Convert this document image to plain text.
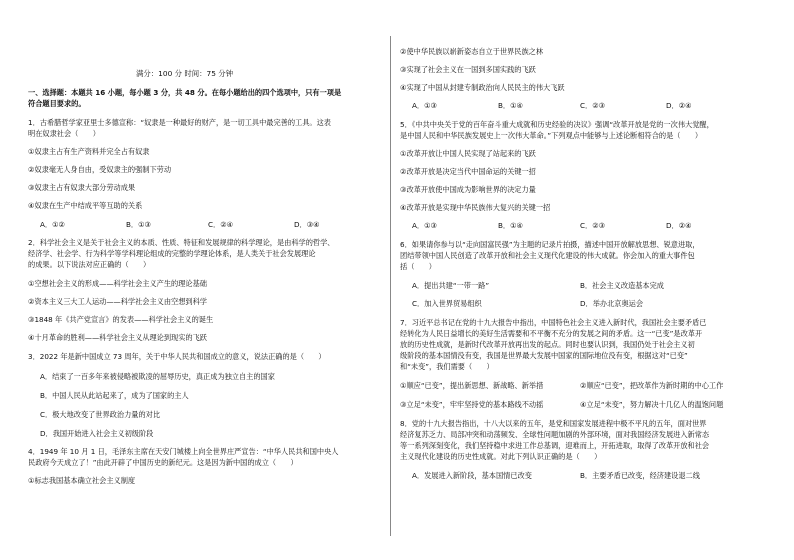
满分：100 分 时间：75 分钟
一、选择题：本题共 16 小题，每小题 3 分，共 48 分。在每小题给出的四个选项中，只有一项是
符合题目要求的。
1．古希腊哲学家亚里士多德宣称：“奴隶是一种最好的财产，是一切工具中最完善的工具。这表
明在奴隶社会（　　）
①奴隶主占有生产资料并完全占有奴隶
②奴隶毫无人身自由，受奴隶主的强制下劳动
③奴隶主占有奴隶大部分劳动成果
④奴隶在生产中结成平等互助的关系
A．①②	B．①③	C．②④	D．③④
2．科学社会主义是关于社会主义的本质、性质、特征和发展规律的科学理论，是由科学的哲学、
经济学、社会学、行为科学等学科理论组成的完整的学理论体系，是人类关于社会发展理论
的成果。以下说法对应正确的（　　）
①空想社会主义的形成——科学社会主义产生的理论基础
②资本主义三大工人运动——科学社会主义由空想到科学
③1848 年《共产党宣言》的发表——科学社会主义的诞生
④十月革命的胜利——科学社会主义从理论到现实的飞跃
3．2022 年是新中国成立 73 周年，关于中华人民共和国成立的意义，说法正确的是（　　）
A．结束了一百多年来被侵略被欺凌的屈辱历史，真正成为独立自主的国家
B．中国人民从此站起来了，成为了国家的主人
C．极大地改变了世界政治力量的对比
D．我国开始进入社会主义初级阶段
4．1949 年 10 月 1 日，毛泽东主席在天安门城楼上向全世界庄严宣告：“中华人民共和国中央人
民政府今天成立了！”由此开辟了中国历史的新纪元。这是因为新中国的成立（　　）
①标志我国基本确立社会主义制度
②使中华民族以崭新姿态自立于世界民族之林
③实现了社会主义在一国到多国实践的飞跃
④实现了中国从封建专制政治向人民民主的伟大飞跃
A．①③	B．①④	C．②③	D．②④
5．《中共中央关于党的百年奋斗重大成就和历史经验的决议》强调“改革开放是党的一次伟大觉醒，
是中国人民和中华民族发展史上一次伟大革命。”下列观点中能够与上述论断相符合的是（　　）
①改革开放让中国人民实现了站起来的飞跃
②改革开放是决定当代中国命运的关键一招
③改革开放使中国成为影响世界的决定力量
④改革开放是实现中华民族伟大复兴的关键一招
A．①③	B．①④	C．②③	D．②④
6．如果请你参与以“走向国富民强”为主题的记录片拍摄，描述中国开放解放思想、锐意进取，
团结带领中国人民创造了改革开放和社会主义现代化建设的伟大成就。你会加入的重大事件包
括（　　）
A．提出共建“一带一路”	B．社会主义改造基本完成
C．加入世界贸易组织	D．举办北京奥运会
7．习近平总书记在党的十九大报告中指出，中国特色社会主义进入新时代，我国社会主要矛盾已
经转化为人民日益增长的美好生活需要和不平衡不充分的发展之间的矛盾。这一“已变”是改革开
放的历史性成就，是新时代改革开放再出发的起点。同时也要认识到，我国仍处于社会主义初
级阶段的基本国情没有变，我国是世界最大发展中国家的国际地位没有变，根据这对“已变”
和“未变”，我们需要（　　）
①顺应“已变”，提出新思想、新战略、新举措	②顺应“已变”，把改革作为新时期的中心工作
③立足“未变”，牢牢坚持党的基本路线不动摇	④立足“未变”，努力解决十几亿人的温饱问题
8．党的十九大报告指出，十八大以来的五年，是党和国家发展进程中极不平凡的五年，面对世界
经济复苏乏力、局部冲突和动荡频发、全球性问题加剧的外部环境，面对我国经济发展进入新常态
等一系列深刻变化，我们坚持稳中求进工作总基调，迎难而上，开拓进取，取得了改革开放和社会
主义现代化建设的历史性成就。对此下列认识正确的是（　　）
A．发展进入新阶段，基本国情已改变	B．主要矛盾已改变，经济建设退二线
